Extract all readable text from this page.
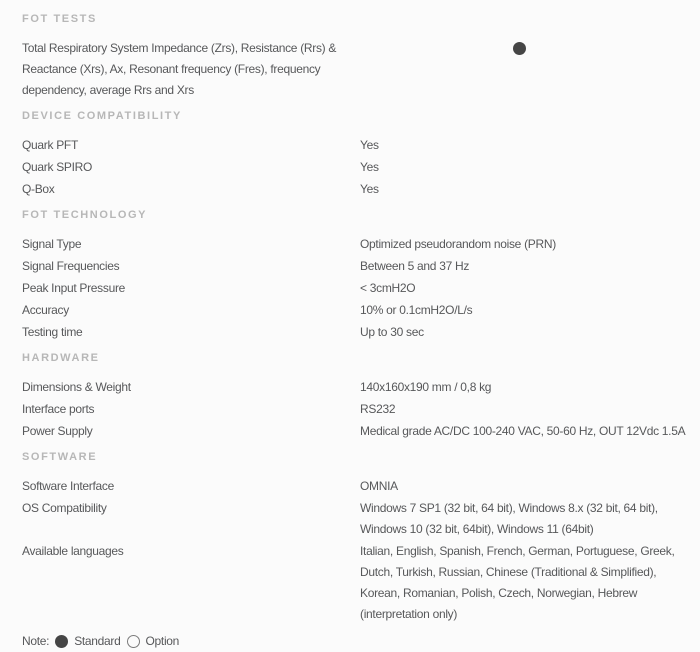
FOT TESTS
Total Respiratory System Impedance (Zrs), Resistance (Rrs) & Reactance (Xrs), Ax, Resonant frequency (Fres), frequency dependency, average Rrs and Xrs
DEVICE COMPATIBILITY
Quark PFT	Yes
Quark SPIRO	Yes
Q-Box	Yes
FOT TECHNOLOGY
Signal Type	Optimized pseudorandom noise (PRN)
Signal Frequencies	Between 5 and 37 Hz
Peak Input Pressure	< 3cmH2O
Accuracy	10% or 0.1cmH2O/L/s
Testing time	Up to 30 sec
HARDWARE
Dimensions & Weight	140x160x190 mm / 0,8 kg
Interface ports	RS232
Power Supply	Medical grade AC/DC 100-240 VAC, 50-60 Hz, OUT 12Vdc 1.5A
SOFTWARE
Software Interface	OMNIA
OS Compatibility	Windows 7 SP1 (32 bit, 64 bit), Windows 8.x (32 bit, 64 bit), Windows 10 (32 bit, 64bit), Windows 11 (64bit)
Available languages	Italian, English, Spanish, French, German, Portuguese, Greek, Dutch, Turkish, Russian, Chinese (Traditional & Simplified), Korean, Romanian, Polish, Czech, Norwegian, Hebrew (interpretation only)
Note: Standard Option
